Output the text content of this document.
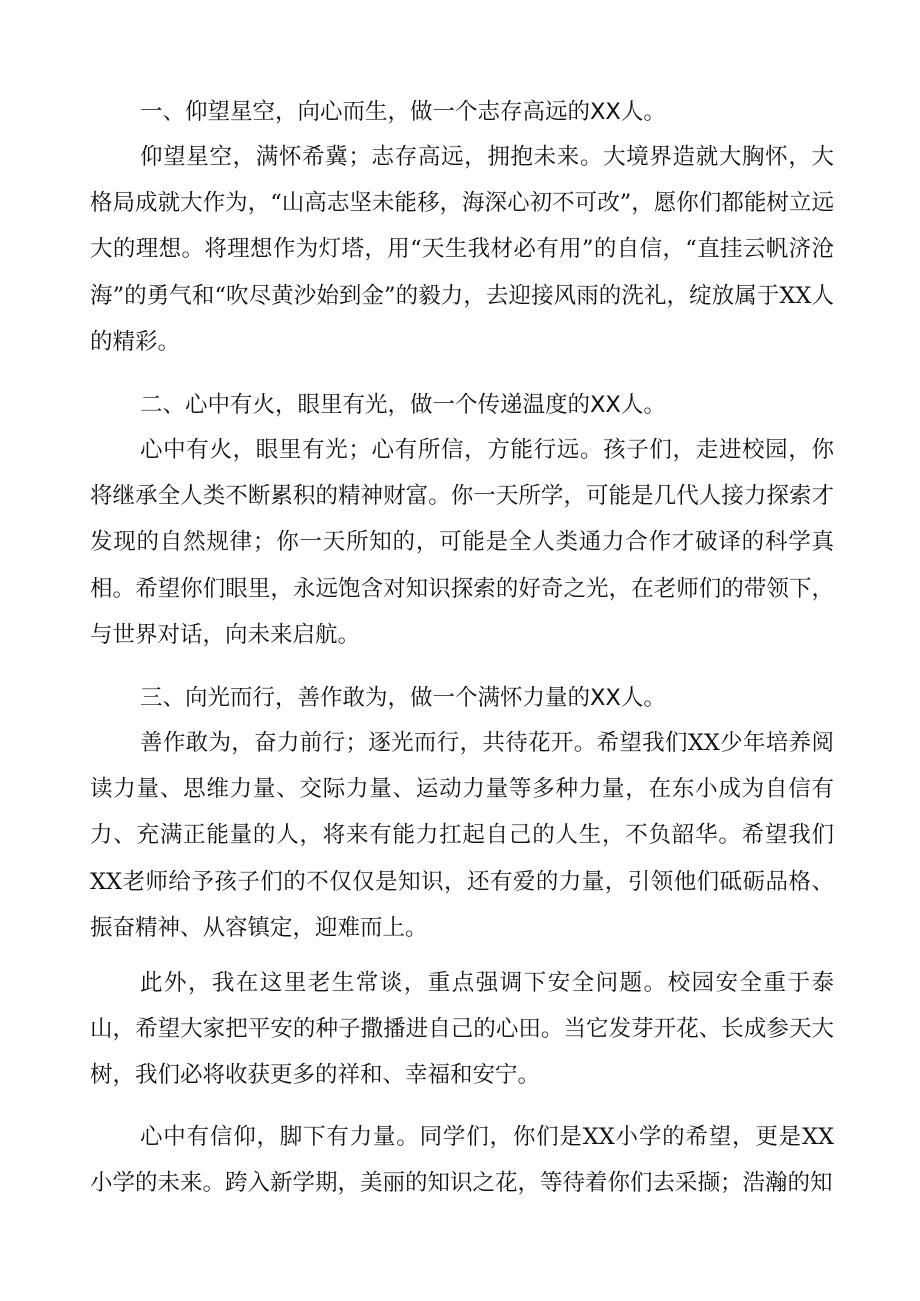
一、仰望星空，向心而生，做一个志存高远的XX人。

仰望星空，满怀希冀；志存高远，拥抱未来。大境界造就大胸怀，大格局成就大作为，“山高志坚未能移，海深心初不可改”，愿你们都能树立远大的理想。将理想作为灯塔，用“天生我材必有用”的自信，“直挂云帆济沧海”的勇气和“吹尽黄沙始到金”的毅力，去迎接风雨的洗礼，绽放属于XX人的精彩。

二、心中有火，眼里有光，做一个传递温度的XX人。

心中有火，眼里有光；心有所信，方能行远。孩子们，走进校园，你将继承全人类不断累积的精神财富。你一天所学，可能是几代人接力探索才发现的自然规律；你一天所知的，可能是全人类通力合作才破译的科学真相。希望你们眼里，永远饱含对知识探索的好奇之光，在老师们的带领下，与世界对话，向未来启航。

三、向光而行，善作敢为，做一个满怀力量的XX人。

善作敢为，奋力前行；逐光而行，共待花开。希望我们XX少年培养阅读力量、思维力量、交际力量、运动力量等多种力量，在东小成为自信有力、充满正能量的人，将来有能力扛起自己的人生，不负韶华。希望我们XX老师给予孩子们的不仅仅是知识，还有爱的力量，引领他们砥砺品格、振奋精神、从容镇定，迎难而上。

此外，我在这里老生常谈，重点强调下安全问题。校园安全重于泰山，希望大家把平安的种子撒播进自己的心田。当它发芽开花、长成参天大树，我们必将收获更多的祥和、幸福和安宁。

心中有信仰，脚下有力量。同学们，你们是XX小学的希望，更是XX小学的未来。跨入新学期，美丽的知识之花，等待着你们去采撷；浩瀚的知
